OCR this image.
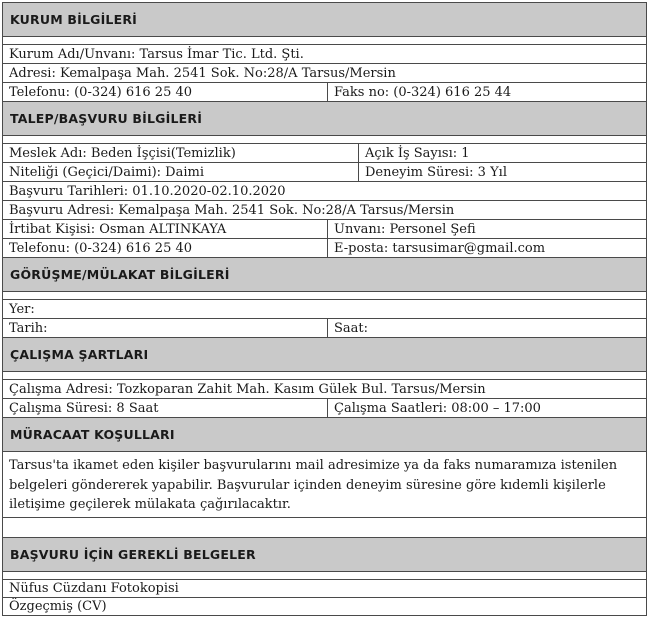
KURUM BİLGİLERİ
Kurum Adı/Unvanı: Tarsus İmar Tic. Ltd. Şti.
Adresi: Kemalpaşa Mah. 2541 Sok. No:28/A Tarsus/Mersin
Telefonu: (0-324) 616 25 40	Faks no: (0-324) 616 25 44
TALEP/BAŞVURU BİLGİLERİ
Meslek Adı: Beden İşçisi(Temizlik)	Açık İş Sayısı: 1
Niteliği (Geçici/Daimi): Daimi	Deneyim Süresi: 3 Yıl
Başvuru Tarihleri: 01.10.2020-02.10.2020
Başvuru Adresi: Kemalpaşa Mah. 2541 Sok. No:28/A Tarsus/Mersin
İrtibat Kişisi: Osman ALTINKAYA	Unvanı: Personel Şefi
Telefonu: (0-324) 616 25 40	E-posta: tarsusimar@gmail.com
GÖRÜŞME/MÜLAKAT BİLGİLERİ
Yer:
Tarih:	Saat:
ÇALIŞMA ŞARTLARI
Çalışma Adresi: Tozkoparan Zahit Mah. Kasım Gülek Bul. Tarsus/Mersin
Çalışma Süresi: 8 Saat	Çalışma Saatleri: 08:00 – 17:00
MÜRACAAT KOŞULLARI
Tarsus'ta ikamet eden kişiler başvurularını mail adresimize ya da faks numaramıza istenilen belgeleri göndererek yapabilir. Başvurular içinden deneyim süresine göre kıdemli kişilerle iletişime geçilerek mülakata çağırılacaktır.
BAŞVURU İÇİN GEREKLİ BELGELER
Nüfus Cüzdanı Fotokopisi
Özgeçmiş (CV)
